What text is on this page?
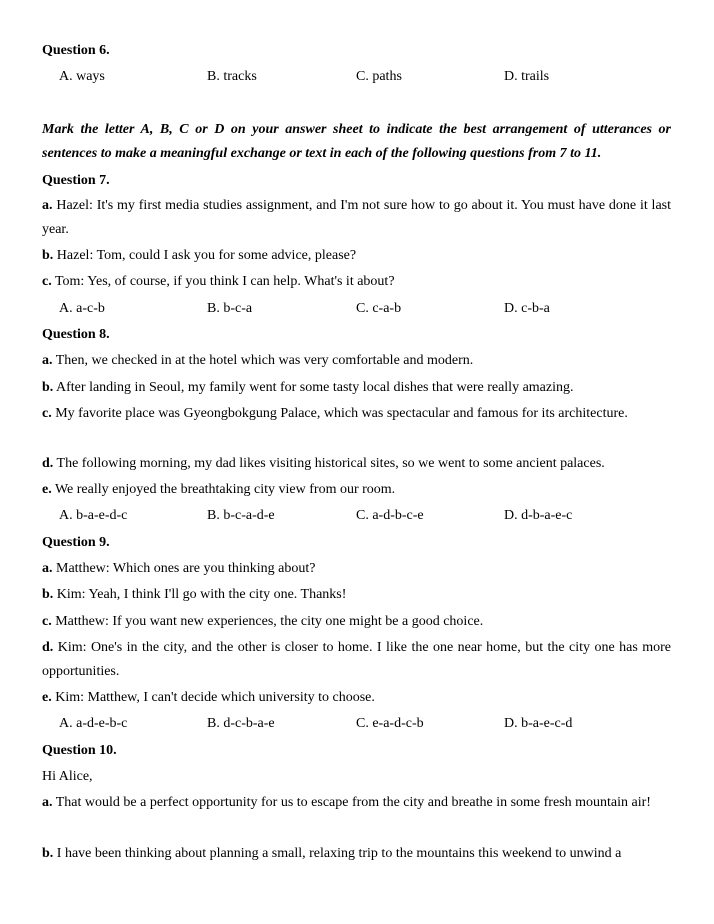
Question 6.
A. ways	B. tracks	C. paths	D. trails
Mark the letter A, B, C or D on your answer sheet to indicate the best arrangement of utterances or sentences to make a meaningful exchange or text in each of the following questions from 7 to 11.
Question 7.
a. Hazel: It's my first media studies assignment, and I'm not sure how to go about it. You must have done it last year.
b. Hazel: Tom, could I ask you for some advice, please?
c. Tom: Yes, of course, if you think I can help. What's it about?
A. a-c-b	B. b-c-a	C. c-a-b	D. c-b-a
Question 8.
a. Then, we checked in at the hotel which was very comfortable and modern.
b. After landing in Seoul, my family went for some tasty local dishes that were really amazing.
c. My favorite place was Gyeongbokgung Palace, which was spectacular and famous for its architecture.
d. The following morning, my dad likes visiting historical sites, so we went to some ancient palaces.
e. We really enjoyed the breathtaking city view from our room.
A. b-a-e-d-c	B. b-c-a-d-e	C. a-d-b-c-e	D. d-b-a-e-c
Question 9.
a. Matthew: Which ones are you thinking about?
b. Kim: Yeah, I think I'll go with the city one. Thanks!
c. Matthew: If you want new experiences, the city one might be a good choice.
d. Kim: One's in the city, and the other is closer to home. I like the one near home, but the city one has more opportunities.
e. Kim: Matthew, I can't decide which university to choose.
A. a-d-e-b-c	B. d-c-b-a-e	C. e-a-d-c-b	D. b-a-e-c-d
Question 10.
Hi Alice,
a. That would be a perfect opportunity for us to escape from the city and breathe in some fresh mountain air!
b. I have been thinking about planning a small, relaxing trip to the mountains this weekend to unwind a
